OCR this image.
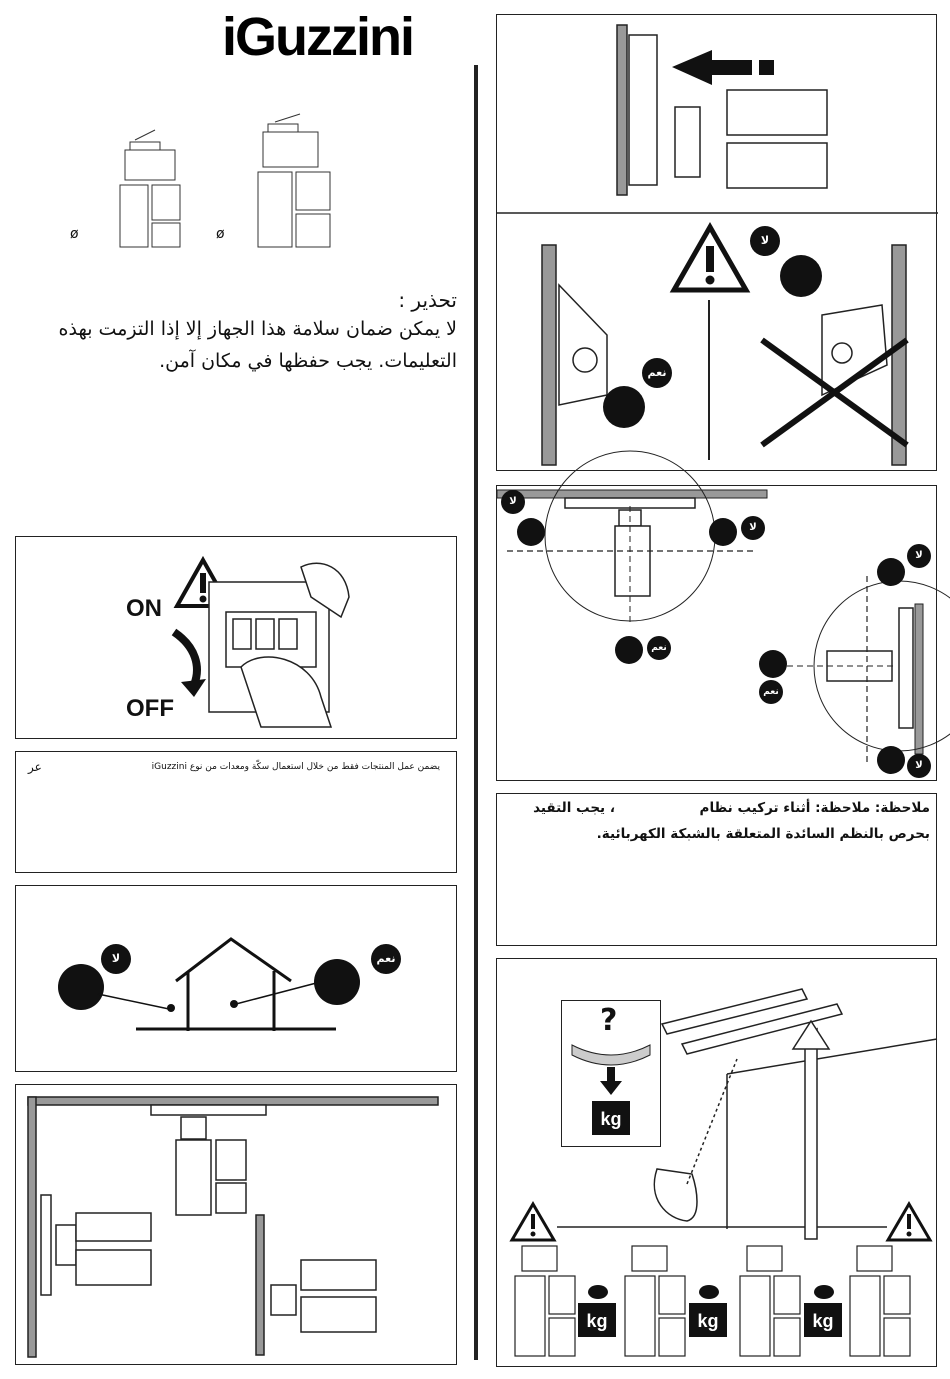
iGuzzini
ø	ø
تحذير :
لا يمكن ضمان سلامة هذا الجهاز إلا إذا التزمت بهذه
التعليمات. يجب حفظها في مكان آمن.
ON
OFF
عر	يضمن عمل المنتجات فقط من خلال استعمال سكّة ومعدات من نوع iGuzzini
لا	نعم
نعم
لا
لا
لا
نعم
لا
نعم
لا
ملاحظة: ملاحظة: أثناء تركيب نظام                  ، يجب التقيد
بحرص بالنظم السائدة المتعلقة بالشبكة الكهربائية.
?
kg
kg	kg	kg
